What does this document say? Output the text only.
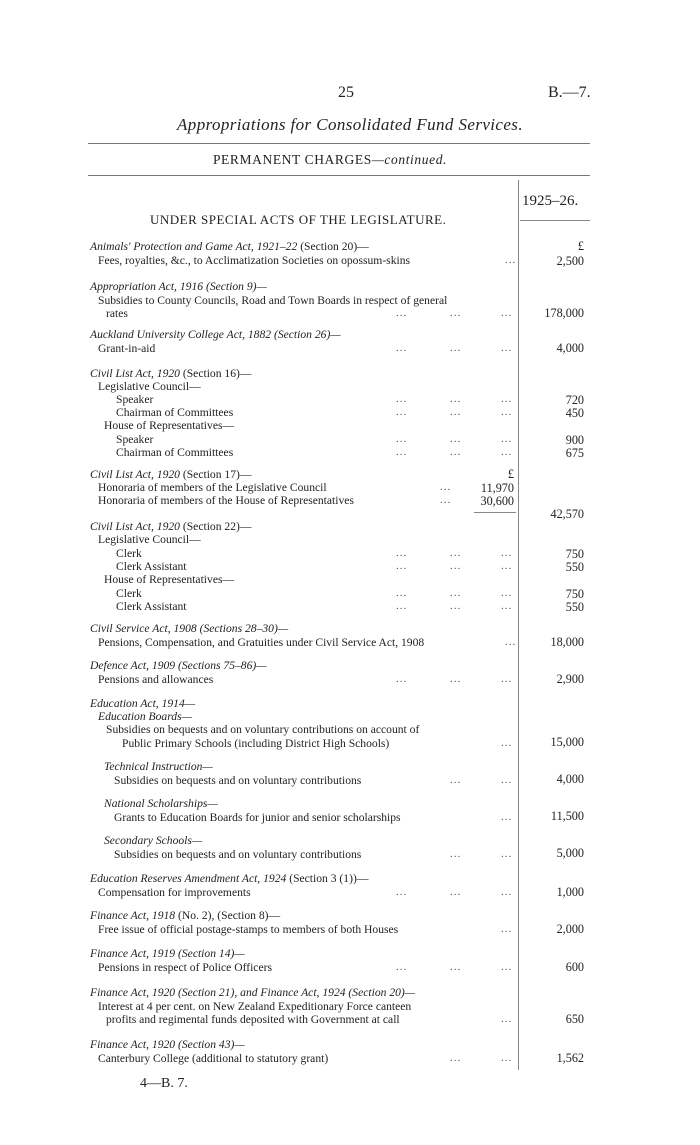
25	B.—7.
Appropriations for Consolidated Fund Services.
PERMANENT CHARGES—continued.
1925–26.
UNDER SPECIAL ACTS OF THE LEGISLATURE.
Animals' Protection and Game Act, 1921–22 (Section 20)—	£
Fees, royalties, &c., to Acclimatization Societies on opossum-skins	...	2,500
Appropriation Act, 1916 (Section 9)—
Subsidies to County Councils, Road and Town Boards in respect of general
rates	...	...	...	178,000
Auckland University College Act, 1882 (Section 26)—
Grant-in-aid	...	...	...	4,000
Civil List Act, 1920 (Section 16)—
Legislative Council—
Speaker	...	...	...	720
Chairman of Committees	...	...	...	450
House of Representatives—
Speaker	...	...	...	900
Chairman of Committees	...	...	...	675
Civil List Act, 1920 (Section 17)—	£
Honoraria of members of the Legislative Council	... 11,970
Honoraria of members of the House of Representatives	... 30,600
42,570
Civil List Act, 1920 (Section 22)—
Legislative Council—
Clerk	...	...	...	750
Clerk Assistant	...	...	...	550
House of Representatives—
Clerk	...	...	...	750
Clerk Assistant	...	...	...	550
Civil Service Act, 1908 (Sections 28–30)—
Pensions, Compensation, and Gratuities under Civil Service Act, 1908	...	18,000
Defence Act, 1909 (Sections 75–86)—
Pensions and allowances	...	...	...	2,900
Education Act, 1914—
Education Boards—
Subsidies on bequests and on voluntary contributions on account of
Public Primary Schools (including District High Schools)	...	15,000
Technical Instruction—
Subsidies on bequests and on voluntary contributions	...	...	4,000
National Scholarships—
Grants to Education Boards for junior and senior scholarships	...	11,500
Secondary Schools—
Subsidies on bequests and on voluntary contributions	...	...	5,000
Education Reserves Amendment Act, 1924 (Section 3 (1))—
Compensation for improvements	...	...	...	1,000
Finance Act, 1918 (No. 2), (Section 8)—
Free issue of official postage-stamps to members of both Houses	...	2,000
Finance Act, 1919 (Section 14)—
Pensions in respect of Police Officers	...	...	...	600
Finance Act, 1920 (Section 21), and Finance Act, 1924 (Section 20)—
Interest at 4 per cent. on New Zealand Expeditionary Force canteen
profits and regimental funds deposited with Government at call	...	650
Finance Act, 1920 (Section 43)—
Canterbury College (additional to statutory grant)	...	...	1,562
4—B. 7.
